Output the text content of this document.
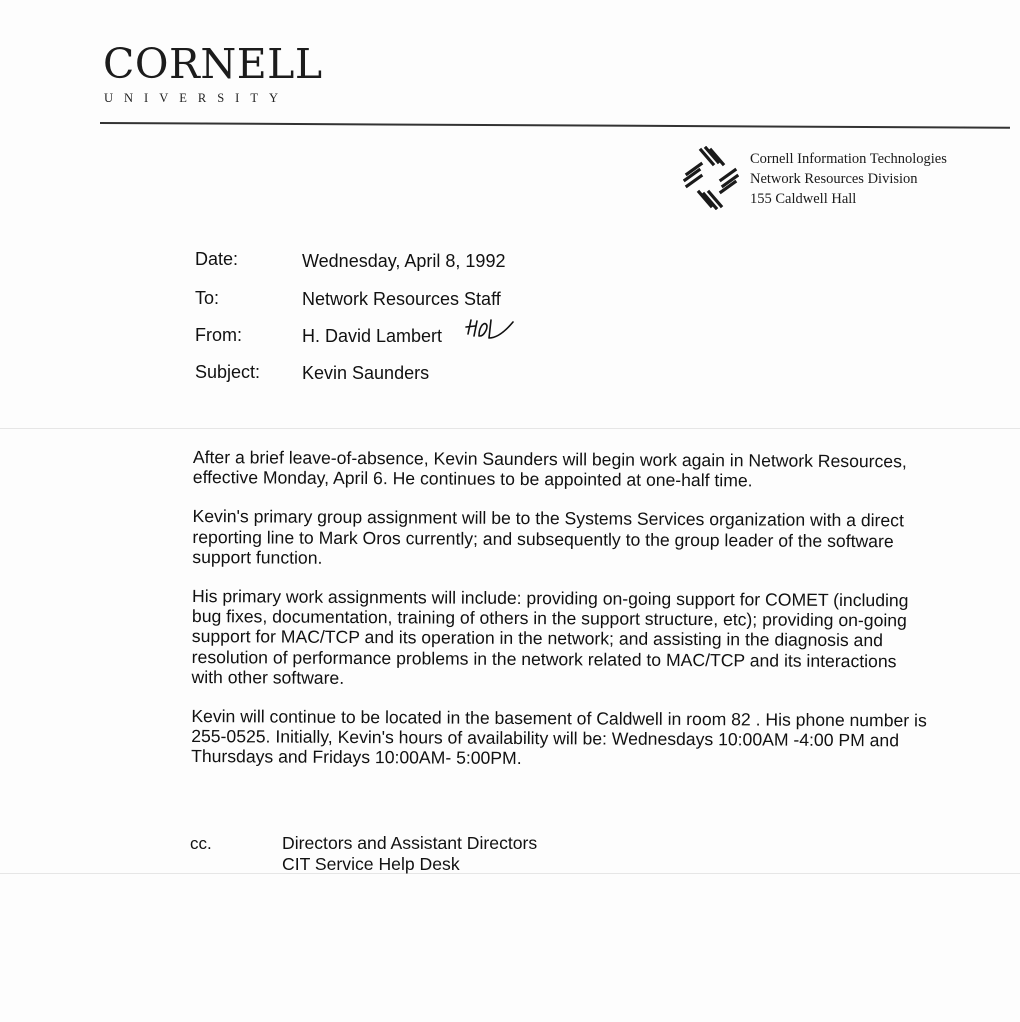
CORNELL
UNIVERSITY
Cornell Information Technologies
Network Resources Division
155 Caldwell Hall
Date:	Wednesday, April 8, 1992
To:	Network Resources Staff
From:	H. David Lambert
Subject: Kevin Saunders

After a brief leave-of-absence, Kevin Saunders will begin work again in Network Resources, effective Monday, April 6. He continues to be appointed at one-half time.

Kevin's primary group assignment will be to the Systems Services organization with a direct reporting line to Mark Oros currently; and subsequently to the group leader of the software support function.

His primary work assignments will include: providing on-going support for COMET (including bug fixes, documentation, training of others in the support structure, etc); providing on-going support for MAC/TCP and its operation in the network; and assisting in the diagnosis and resolution of performance problems in the network related to MAC/TCP and its interactions with other software.

Kevin will continue to be located in the basement of Caldwell in room 82 . His phone number is 255-0525. Initially, Kevin's hours of availability will be: Wednesdays 10:00AM -4:00 PM and Thursdays and Fridays 10:00AM- 5:00PM.

cc.	Directors and Assistant Directors
CIT Service Help Desk
